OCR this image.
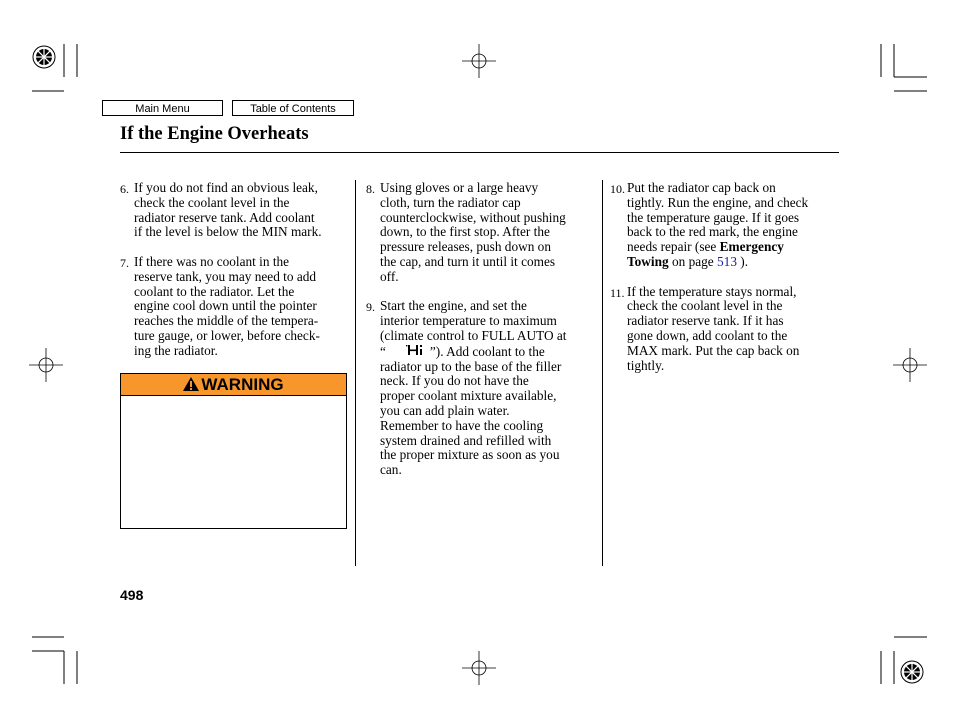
Main Menu	Table of Contents
If the Engine Overheats
6. If you do not find an obvious leak,

check the coolant level in the

radiator reserve tank. Add coolant

if the level is below the MIN mark.

7. If there was no coolant in the

reserve tank, you may need to add

coolant to the radiator. Let the

engine cool down until the pointer

reaches the middle of the tempera-

ture gauge, or lower, before check-

ing the radiator.

WARNING
8. Using gloves or a large heavy

cloth, turn the radiator cap

counterclockwise, without pushing

down, to the first stop. After the

pressure releases, push down on

the cap, and turn it until it comes

off.

9. Start the engine, and set the

interior temperature to maximum

(climate control to FULL AUTO at

“	”). Add coolant to the

radiator up to the base of the filler

neck. If you do not have the

proper coolant mixture available,

you can add plain water.

Remember to have the cooling

system drained and refilled with

the proper mixture as soon as you

can.

10. Put the radiator cap back on

tightly. Run the engine, and check

the temperature gauge. If it goes

back to the red mark, the engine

needs repair (see Emergency

Towing on page 513 ).

11. If the temperature stays normal,

check the coolant level in the

radiator reserve tank. If it has

gone down, add coolant to the

MAX mark. Put the cap back on

tightly.

498
